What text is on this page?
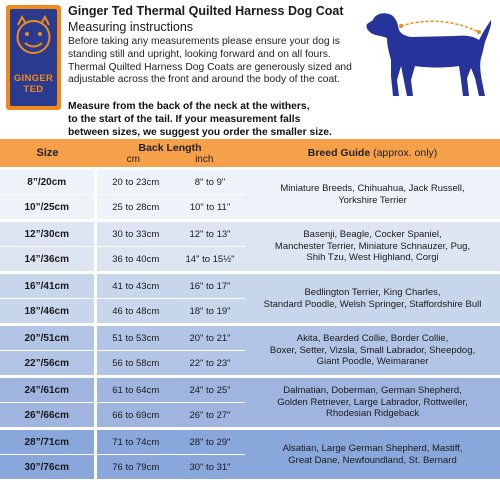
GINGER
TED
Ginger Ted Thermal Quilted Harness Dog Coat
Measuring instructions
Before taking any measurements please ensure your dog is
standing still and upright, looking forward and on all fours.
Thermal Quilted Harness Dog Coats are generously sized and
adjustable across the front and around the body of the coat.
Measure from the back of the neck at the withers,
to the start of the tail. If your measurement falls
between sizes, we suggest you order the smaller size.
Size	Back Length
cm inch		Breed Guide (approx. only)

8”/20cm	20 to 23cm	8" to 9"	Miniature Breeds, Chihuahua, Jack Russell,
Yorkshire Terrier

10”/25cm	25 to 28cm	10" to 11"	

12”/30cm	30 to 33cm	12" to 13"	Basenji, Beagle, Cocker Spaniel,
Manchester Terrier, Miniature Schnauzer, Pug,
Shih Tzu, West Highland, Corgi

14”/36cm	36 to 40cm	14" to 15½"	

16”/41cm	41 to 43cm	16" to 17"	Bedlington Terrier, King Charles,
Standard Poodle, Welsh Springer, Staffordshire Bull

18”/46cm	46 to 48cm	18" to 19"	

20”/51cm	51 to 53cm	20" to 21"	Akita, Bearded Collie, Border Collie,
Boxer, Setter, Vizsla, Small Labrador, Sheepdog,
Giant Poodle, Weimaraner

22”/56cm	56 to 58cm	22" to 23"	

24”/61cm	61 to 64cm	24" to 25"	Dalmatian, Doberman, German Shepherd,
Golden Retriever, Large Labrador, Rottweiler,
Rhodesian Ridgeback

26”/66cm	66 to 69cm	26" to 27"	

28”/71cm	71 to 74cm	28" to 29"	Alsatian, Large German Shepherd, Mastiff,
Great Dane, Newfoundland, St. Bernard

30”/76cm	76 to 79cm	30" to 31"	
